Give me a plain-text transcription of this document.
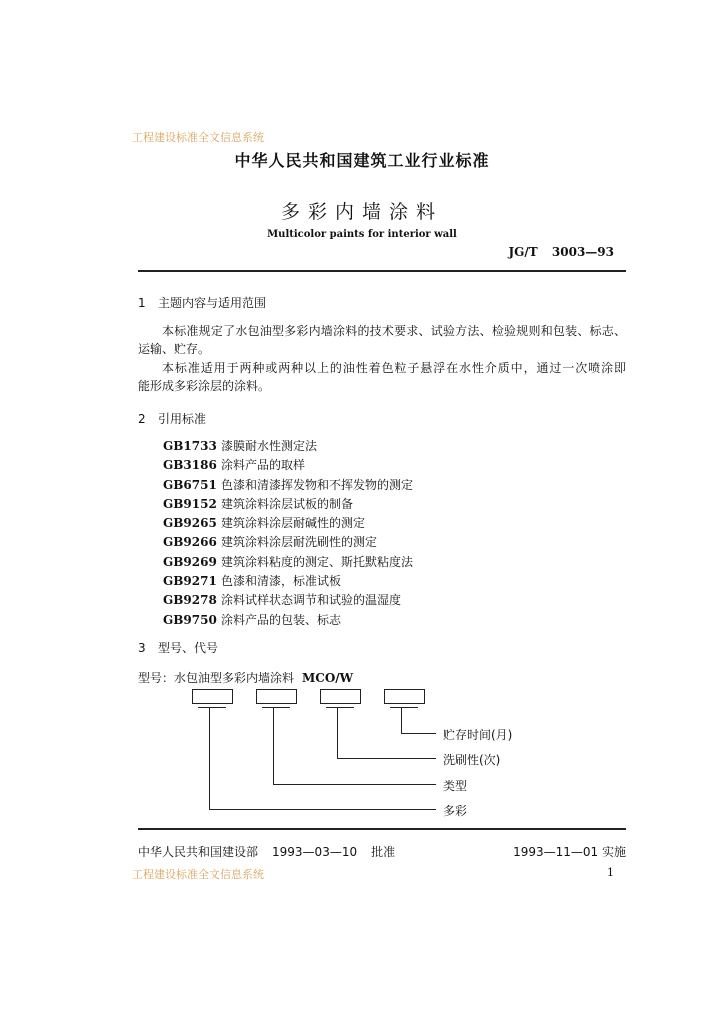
工程建设标准全文信息系统
中华人民共和国建筑工业行业标准
多彩内墙涂料
Multicolor paints for interior wall
JG/T 3003—93
1 主题内容与适用范围
本标准规定了水包油型多彩内墙涂料的技术要求、试验方法、检验规则和包装、标志、
运输、贮存。
本标准适用于两种或两种以上的油性着色粒子悬浮在水性介质中，通过一次喷涂即
能形成多彩涂层的涂料。
2 引用标准
GB1733 漆膜耐水性测定法
GB3186 涂料产品的取样
GB6751 色漆和清漆挥发物和不挥发物的测定
GB9152 建筑涂料涂层试板的制备
GB9265 建筑涂料涂层耐碱性的测定
GB9266 建筑涂料涂层耐洗刷性的测定
GB9269 建筑涂料粘度的测定、斯托默粘度法
GB9271 色漆和清漆，标准试板
GB9278 涂料试样状态调节和试验的温湿度
GB9750 涂料产品的包装、标志
3 型号、代号
型号：水包油型多彩内墙涂料 MCO/W
贮存时间(月)
洗刷性(次)
类型
多彩
中华人民共和国建设部 1993—03—10 批准	1993—11—01 实施
工程建设标准全文信息系统	1
